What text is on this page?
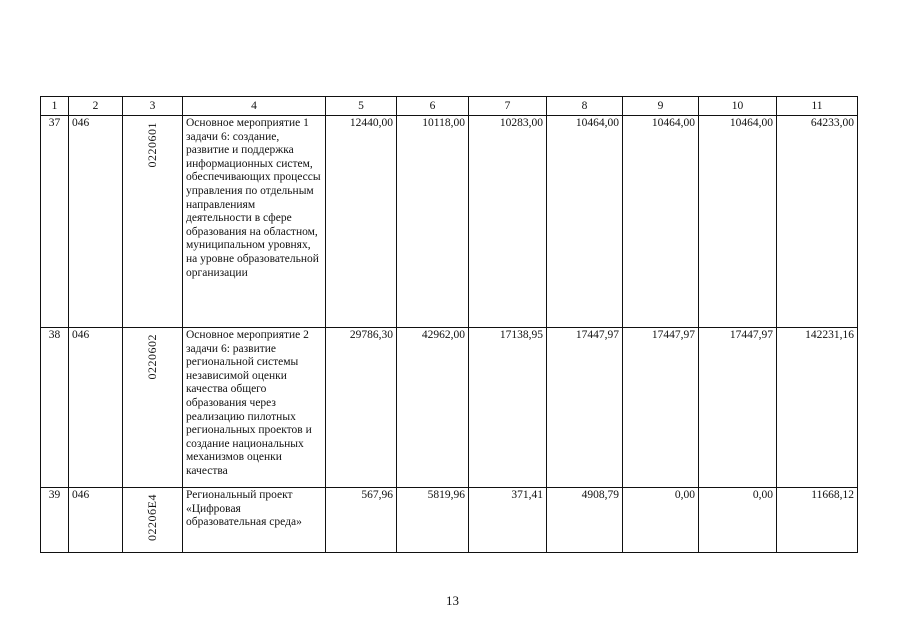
1	2	3	4	5	6	7	8	9	10	11
37	046	0220601	Основное мероприятие 1 задачи 6: создание, развитие и поддержка информационных систем, обеспечивающих процессы управления по отдельным направлениям деятельности в сфере образования на областном, муниципальном уровнях, на уровне образовательной организации	12440,00	10118,00	10283,00	10464,00	10464,00	10464,00	64233,00
38	046	0220602	Основное мероприятие 2 задачи 6: развитие региональной системы независимой оценки качества общего образования через реализацию пилотных региональных проектов и создание национальных механизмов оценки качества	29786,30	42962,00	17138,95	17447,97	17447,97	17447,97	142231,16
39	046	0220бЕ4	Региональный проект «Цифровая образовательная среда»	567,96	5819,96	371,41	4908,79	0,00	0,00	11668,12
13
